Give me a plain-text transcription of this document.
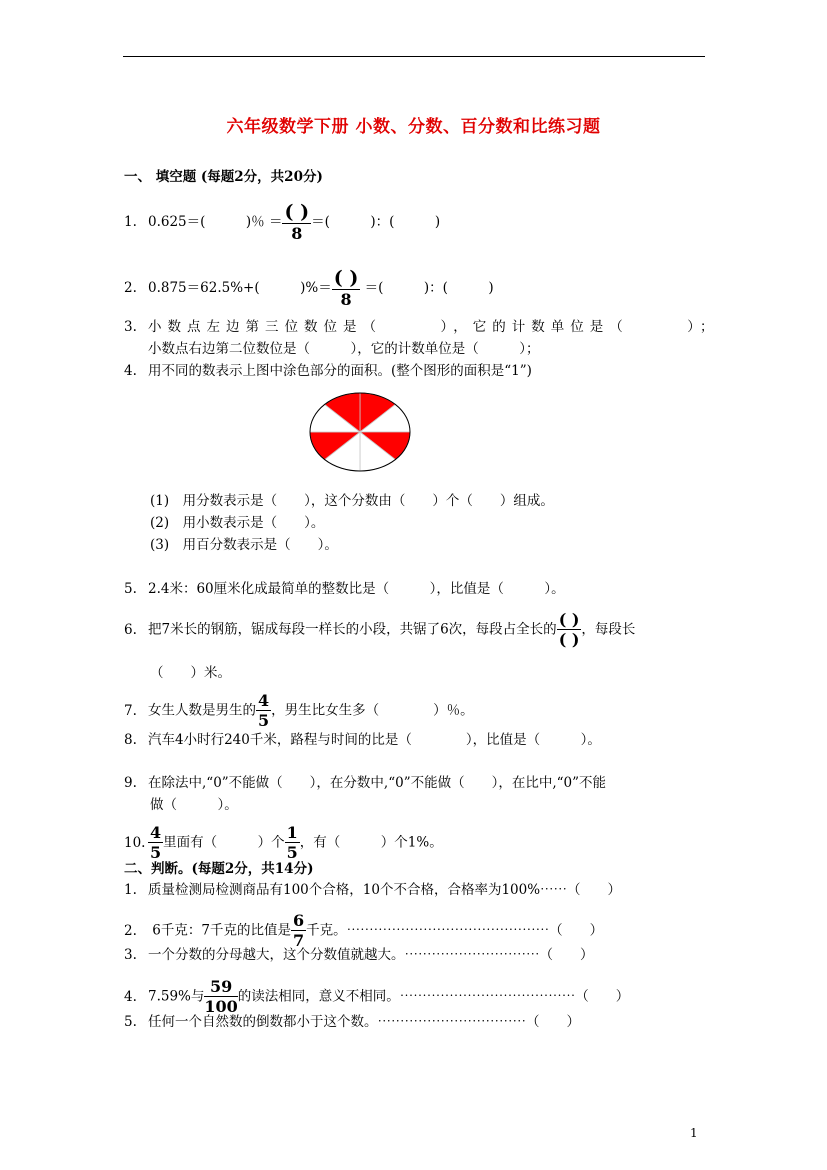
六年级数学下册 小数、分数、百分数和比练习题
一、 填空题 (每题2分，共20分)
1. 0.625＝(　　　)％ ＝ $\frac{( )}{8}$ ＝(　　　)：(　　　)
2. 0.875＝62.5%+(　　　)%＝ $\frac{( )}{8}$ ＝(　　　)：(　　　)
3. 小数点左边第三位数位是（　　　），它的计数单位是（　　　）；
小数点右边第二位数位是（　　　），它的计数单位是（　　　）；
4. 用不同的数表示上图中涂色部分的面积。(整个图形的面积是“1”)
(1)　用分数表示是（　　），这个分数由（　　）个（　　）组成。
(2)　用小数表示是（　　）。
(3)　用百分数表示是（　　）。
5. 2.4米：60厘米化成最简单的整数比是（　　　），比值是（　　　）。
6. 把7米长的钢筋，锯成每段一样长的小段，共锯了6次，每段占全长的 $\frac{( )}{( )}$ ，每段长
（　　）米。
7. 女生人数是男生的 $\frac{4}{5}$ ，男生比女生多（　　　　）％。
8. 汽车4小时行240千米，路程与时间的比是（　　　　），比值是（　　　）。
9. 在除法中,“0”不能做（　　），在分数中,“0”不能做（　　），在比中,“0”不能
做（　　　）。
10. $\frac{4}{5}$ 里面有（　　　）个 $\frac{1}{5}$ ，有（　　　）个1%。
二、判断。(每题2分，共14分)
1. 质量检测局检测商品有100个合格，10个不合格，合格率为100%⋯⋯（　　）
2. 6千克：7千克的比值是 $\frac{6}{7}$ 千克。⋯⋯⋯⋯⋯⋯⋯⋯⋯⋯⋯⋯⋯⋯⋯（　　）
3. 一个分数的分母越大，这个分数值就越大。⋯⋯⋯⋯⋯⋯⋯⋯⋯⋯（　　）
4. 7.59%与 $\frac{59}{100}$ 的读法相同，意义不相同。⋯⋯⋯⋯⋯⋯⋯⋯⋯⋯⋯⋯⋯（　　）
5. 任何一个自然数的倒数都小于这个数。⋯⋯⋯⋯⋯⋯⋯⋯⋯⋯⋯（　　）
1
